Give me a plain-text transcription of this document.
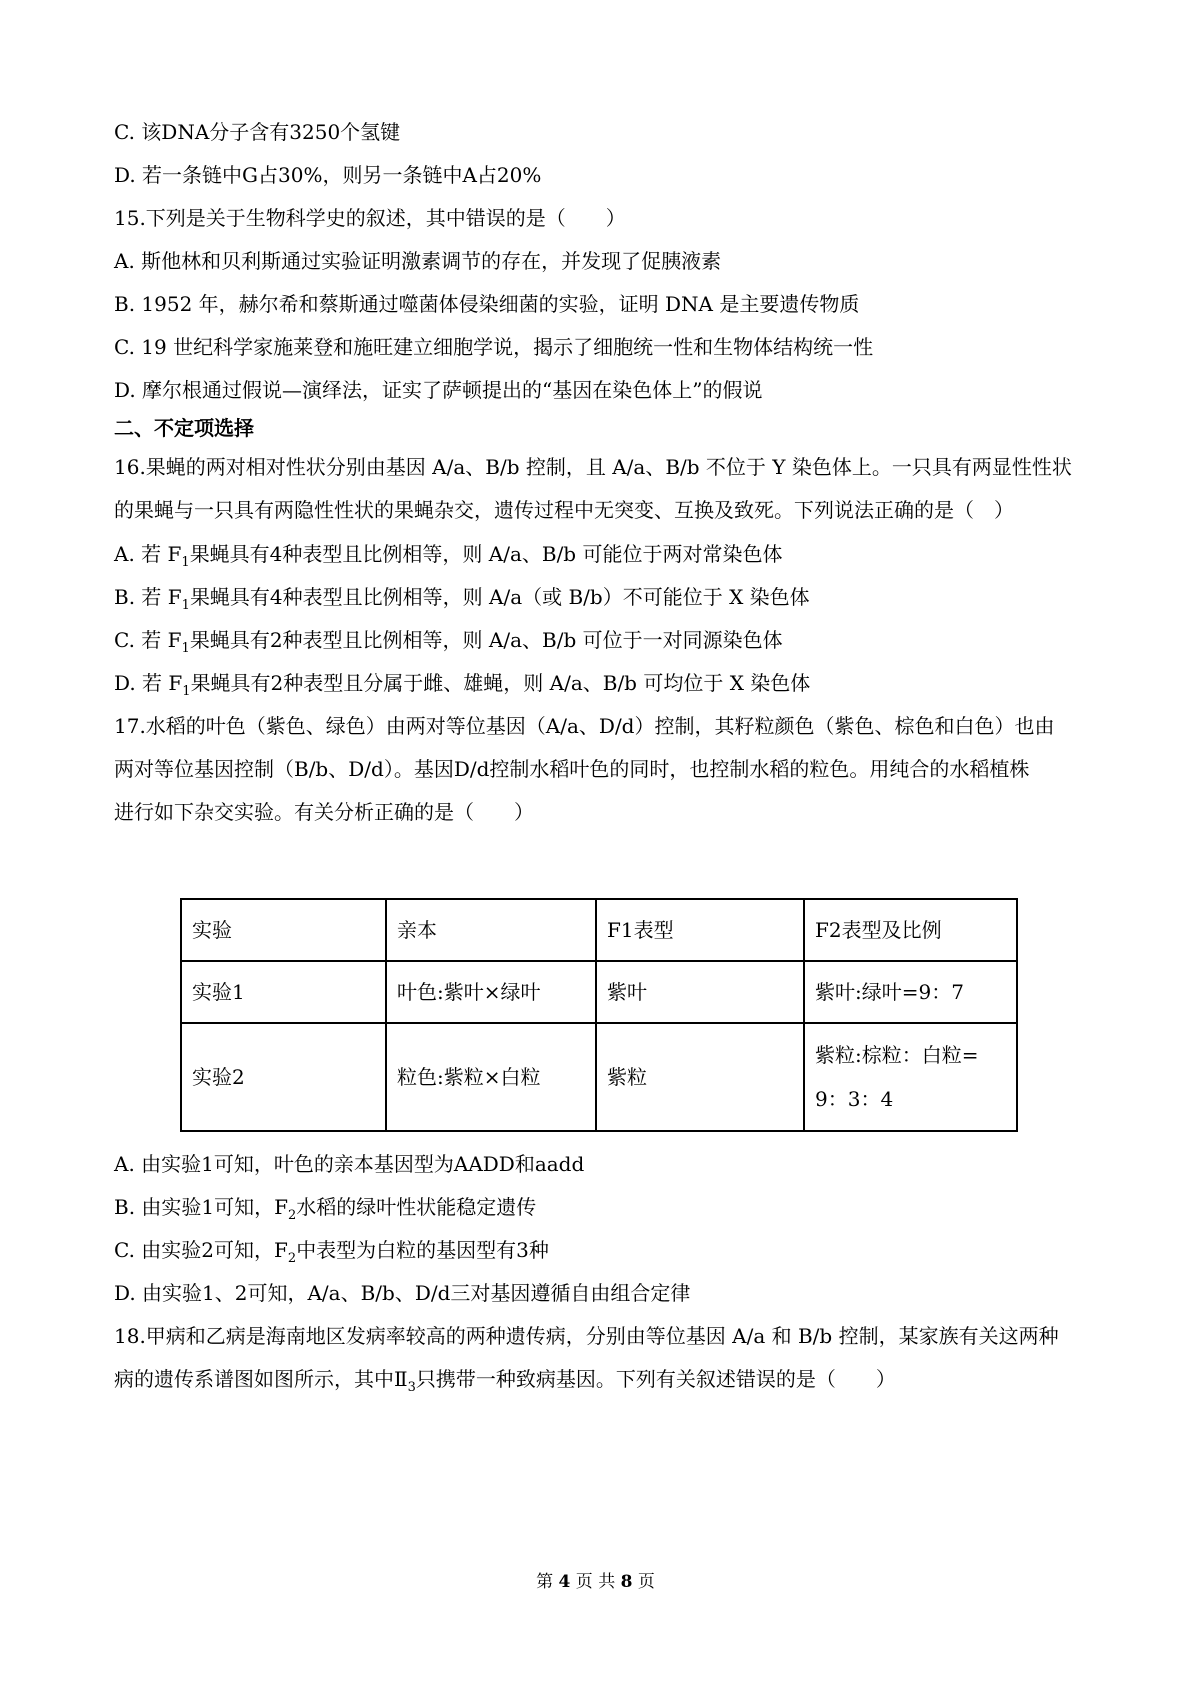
C. 该DNA分子含有3250个氢键
D. 若一条链中G占30%，则另一条链中A占20%
15.下列是关于生物科学史的叙述，其中错误的是（　　）
A. 斯他林和贝利斯通过实验证明激素调节的存在，并发现了促胰液素
B. 1952 年，赫尔希和蔡斯通过噬菌体侵染细菌的实验，证明 DNA 是主要遗传物质
C. 19 世纪科学家施莱登和施旺建立细胞学说，揭示了细胞统一性和生物体结构统一性
D. 摩尔根通过假说—演绎法，证实了萨顿提出的“基因在染色体上”的假说
二、不定项选择
16.果蝇的两对相对性状分别由基因 A/a、B/b 控制，且 A/a、B/b 不位于 Y 染色体上。一只具有两显性性状
的果蝇与一只具有两隐性性状的果蝇杂交，遗传过程中无突变、互换及致死。下列说法正确的是（　）
A. 若 $F_1$果蝇具有4种表型且比例相等，则 A/a、B/b 可能位于两对常染色体
B. 若 $F_1$果蝇具有4种表型且比例相等，则 A/a（或 B/b）不可能位于 X 染色体
C. 若 $F_1$果蝇具有2种表型且比例相等，则 A/a、B/b 可位于一对同源染色体
D. 若 $F_1$果蝇具有2种表型且分属于雌、雄蝇，则 A/a、B/b 可均位于 X 染色体
17.水稻的叶色（紫色、绿色）由两对等位基因（A/a、D/d）控制，其籽粒颜色（紫色、棕色和白色）也由
两对等位基因控制（B/b、D/d）。基因D/d控制水稻叶色的同时，也控制水稻的粒色。用纯合的水稻植株
进行如下杂交实验。有关分析正确的是（　　）
实验	亲本	F1表型	F2表型及比例
实验1	叶色:紫叶×绿叶	紫叶	紫叶:绿叶=9：7
实验2	粒色:紫粒×白粒	紫粒	紫粒:棕粒：白粒=9：3：4
A. 由实验1可知，叶色的亲本基因型为AADD和aadd
B. 由实验1可知，$F_2$水稻的绿叶性状能稳定遗传
C. 由实验2可知，$F_2$中表型为白粒的基因型有3种
D. 由实验1、2可知，A/a、B/b、D/d三对基因遵循自由组合定律
18.甲病和乙病是海南地区发病率较高的两种遗传病，分别由等位基因 A/a 和 B/b 控制，某家族有关这两种
病的遗传系谱图如图所示，其中$Ⅱ_3$只携带一种致病基因。下列有关叙述错误的是（　　）
第 4 页 共 8 页
